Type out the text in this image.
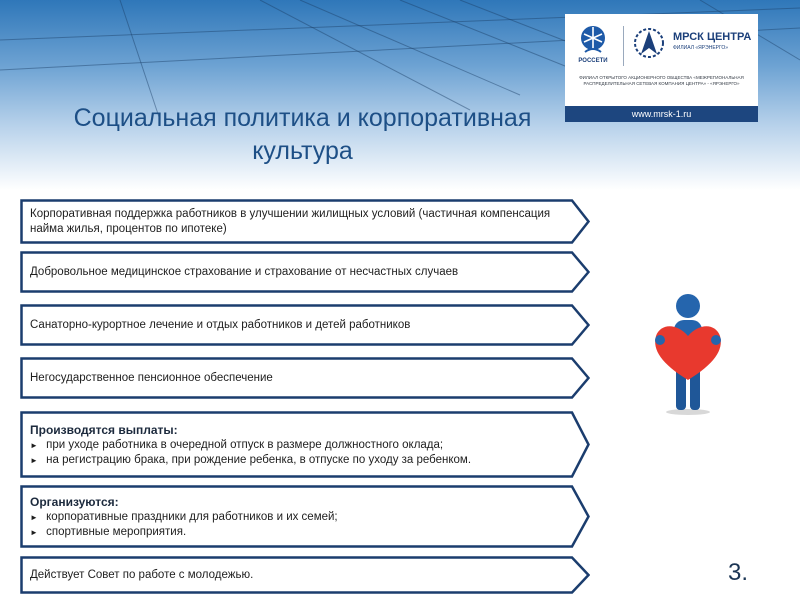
Социальная политика и корпоративная культура
РОССЕТИ
МРСК ЦЕНТРА
ФИЛИАЛ «ЯРЭНЕРГО»
ФИЛИАЛ ОТКРЫТОГО АКЦИОНЕРНОГО ОБЩЕСТВА «МЕЖРЕГИОНАЛЬНАЯ РАСПРЕДЕЛИТЕЛЬНАЯ СЕТЕВАЯ КОМПАНИЯ ЦЕНТРА» - «ЯРЭНЕРГО»
www.mrsk-1.ru
Корпоративная поддержка работников в улучшении жилищных условий (частичная компенсация найма жилья, процентов по ипотеке)
Добровольное медицинское страхование и страхование от несчастных случаев
Санаторно-курортное лечение и отдых работников и детей работников
Негосударственное пенсионное обеспечение
Производятся выплаты:
► при уходе работника в очередной отпуск в размере должностного оклада;
► на регистрацию брака, при рождение ребенка, в отпуске по уходу за ребенком.
Организуются:
► корпоративные праздники для работников и их семей;
► спортивные мероприятия.
Действует Совет по работе с молодежью.	3.
